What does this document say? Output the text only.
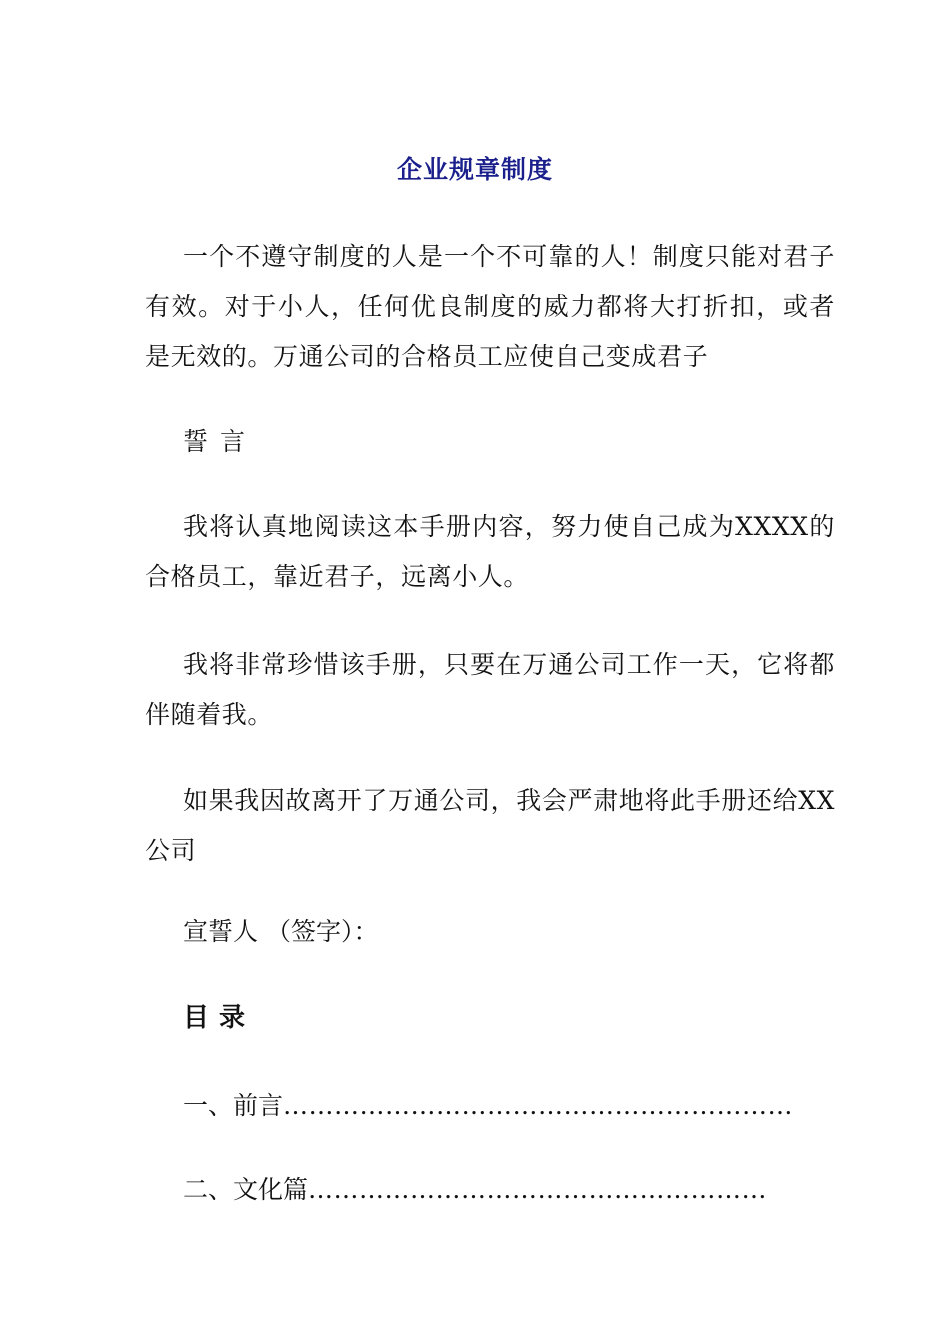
企业规章制度
一个不遵守制度的人是一个不可靠的人！制度只能对君子有效。对于小人，任何优良制度的威力都将大打折扣，或者是无效的。万通公司的合格员工应使自己变成君子
誓 言
我将认真地阅读这本手册内容，努力使自己成为XXXX的合格员工，靠近君子，远离小人。
我将非常珍惜该手册，只要在万通公司工作一天，它将都伴随着我。
如果我因故离开了万通公司，我会严肃地将此手册还给XX公司
宣誓人 （签字）：
目录
一、前言……………………………………………………
二、文化篇………………………………………………
